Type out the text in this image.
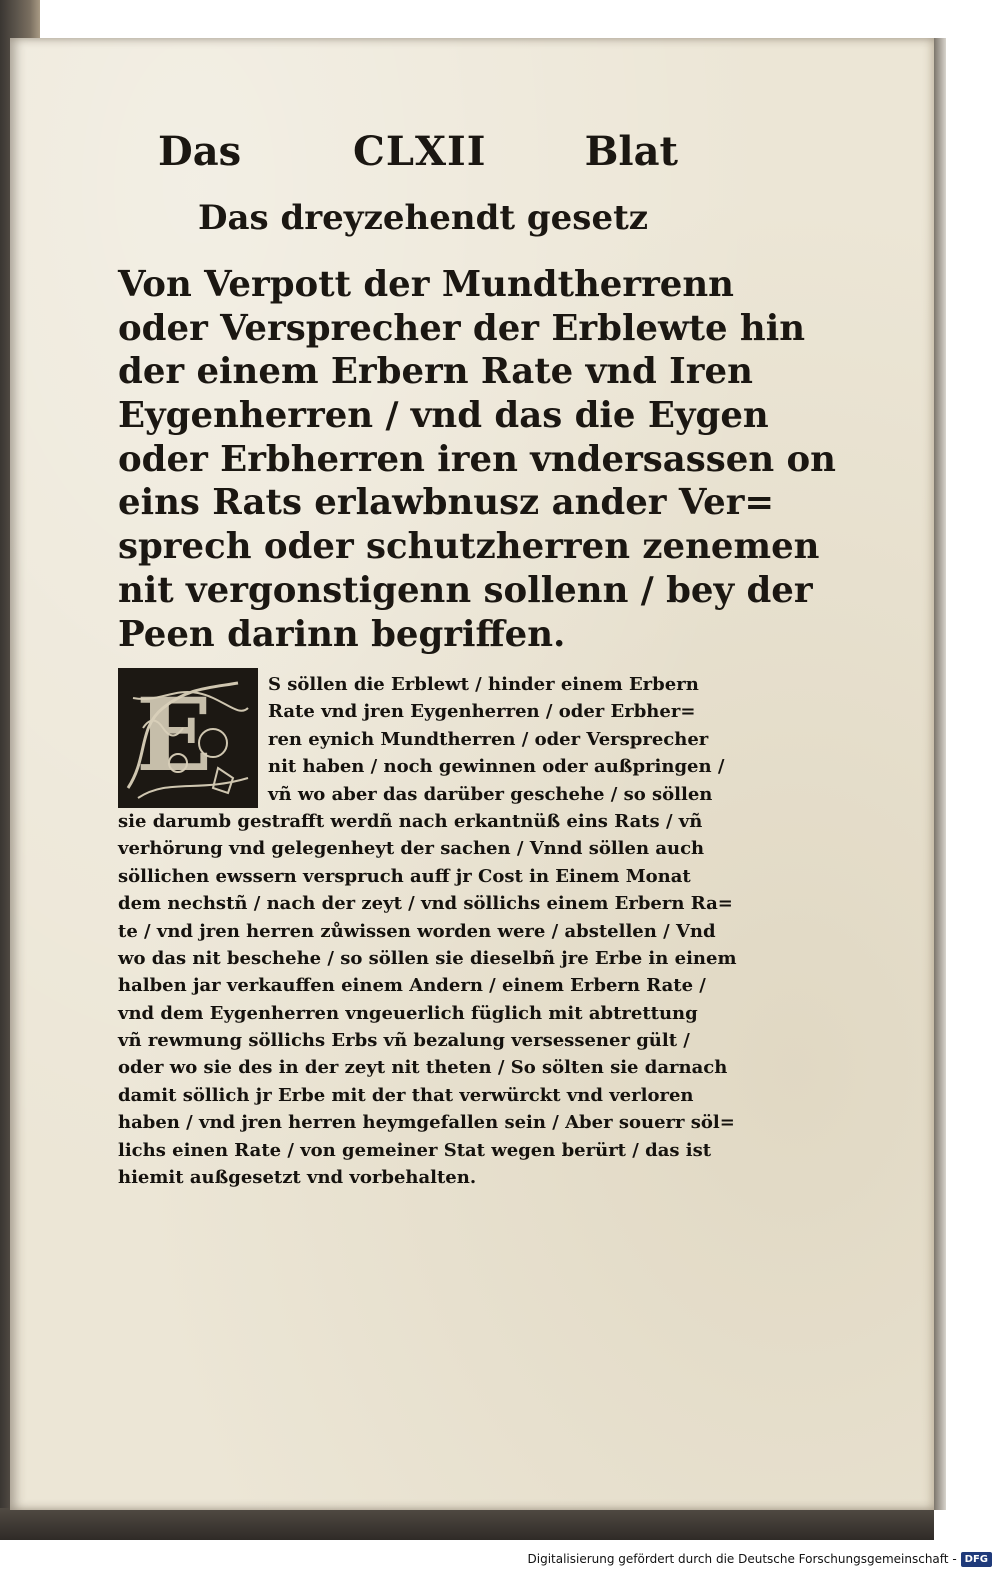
Das	CLXII Blat
Das dreyzehendt gesetz
Von Verpott der Mundtherrenn
oder Versprecher der Erblewte hin
der einem Erbern Rate vnd Iren
Eygenherren / vnd das die Eygen
oder Erbherren iren vndersassen on
eins Rats erlawbnusz ander Ver=
sprech oder schutzherren zenemen
nit vergonstigenn sollenn / bey der
Peen darinn begriffen.
E	S söllen die Erblewt / hinder einem Erbern
Rate vnd jren Eygenherren / oder Erbher=
ren eynich Mundtherren / oder Versprecher
nit haben / noch gewinnen oder außpringen /
vñ wo aber das darüber geschehe / so söllen
sie darumb gestrafft werdñ nach erkantnüß eins Rats / vñ
verhörung vnd gelegenheyt der sachen / Vnnd söllen auch
söllichen ewssern verspruch auff jr Cost in Einem Monat
dem nechstñ / nach der zeyt / vnd söllichs einem Erbern Ra=
te / vnd jren herren zůwissen worden were / abstellen / Vnd
wo das nit beschehe / so söllen sie dieselbñ jre Erbe in einem
halben jar verkauffen einem Andern / einem Erbern Rate /
vnd dem Eygenherren vngeuerlich füglich mit abtrettung
vñ rewmung söllichs Erbs vñ bezalung versessener gült /
oder wo sie des in der zeyt nit theten / So sölten sie darnach
damit söllich jr Erbe mit der that verwürckt vnd verloren
haben / vnd jren herren heymgefallen sein / Aber souerr söl=
lichs einen Rate / von gemeiner Stat wegen berürt / das ist
hiemit außgesetzt vnd vorbehalten.
Digitalisierung gefördert durch die Deutsche Forschungsgemeinschaft - DFG
